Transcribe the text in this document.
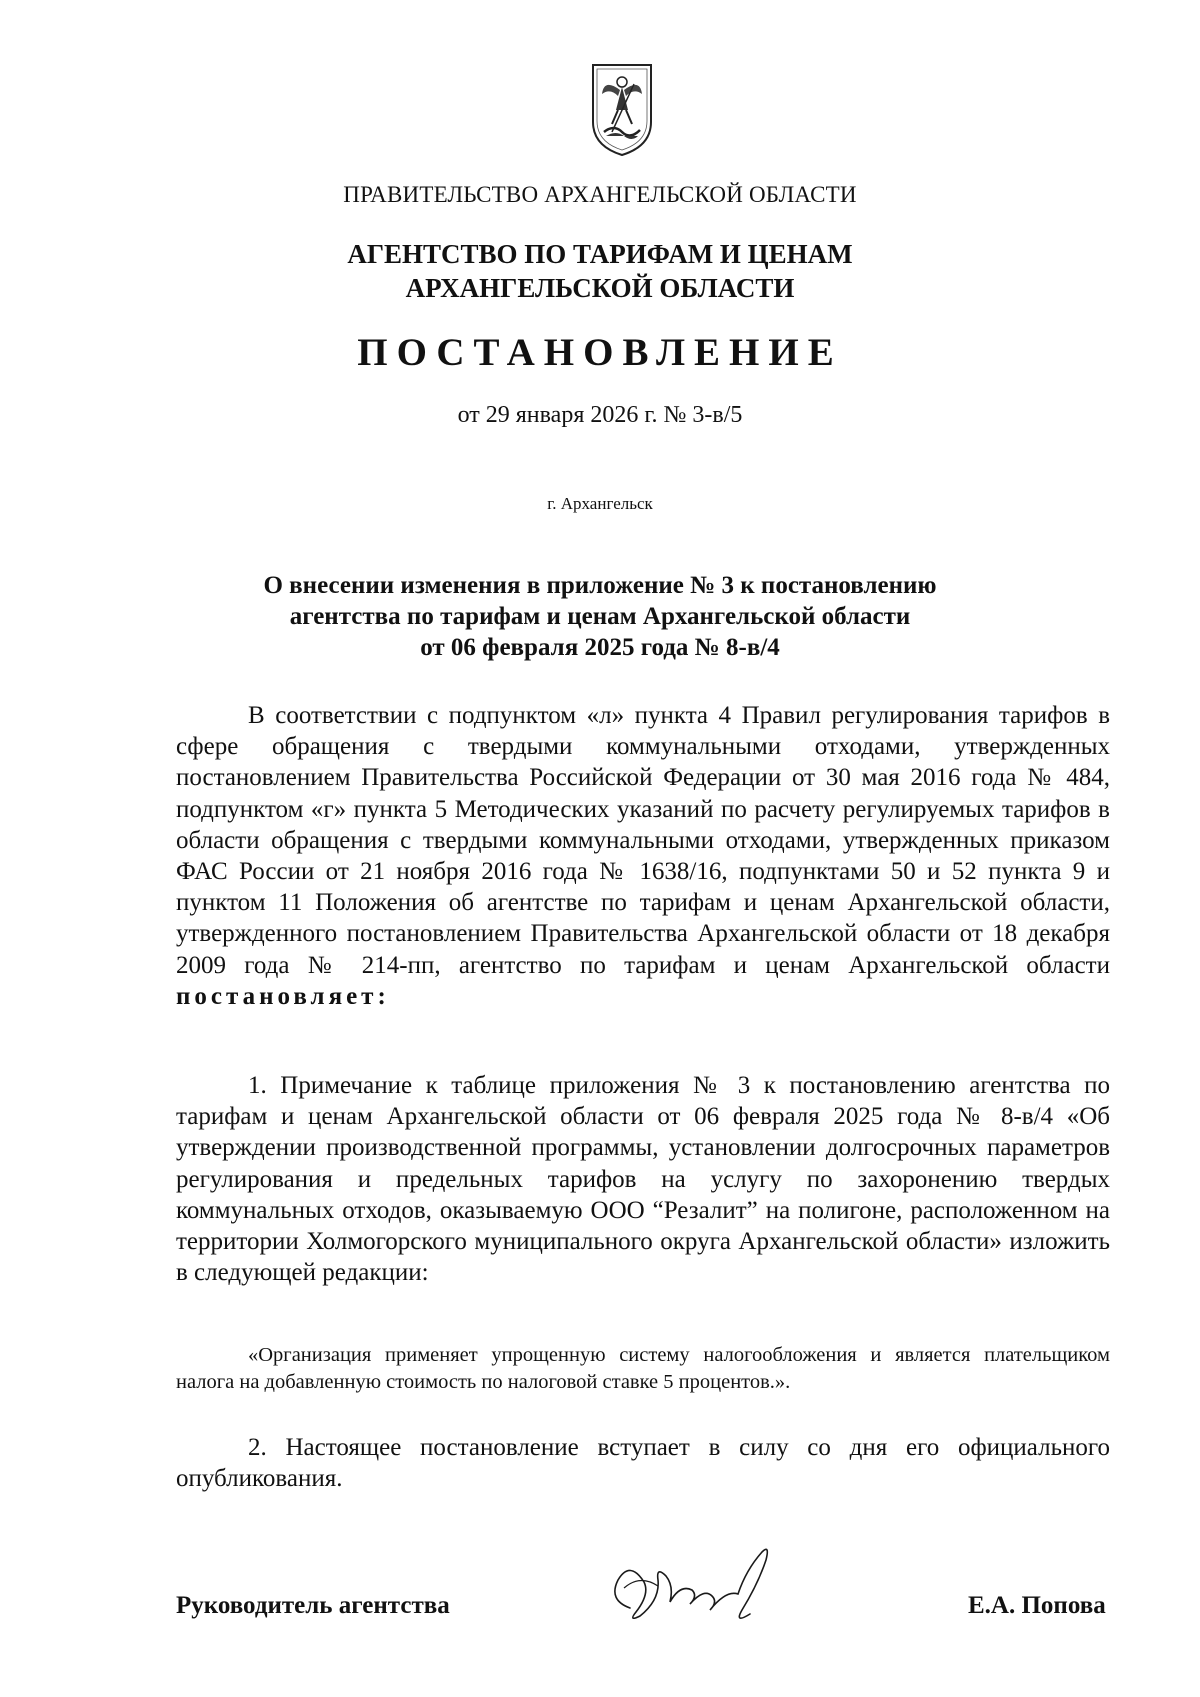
ПРАВИТЕЛЬСТВО АРХАНГЕЛЬСКОЙ ОБЛАСТИ
АГЕНТСТВО ПО ТАРИФАМ И ЦЕНАМ
АРХАНГЕЛЬСКОЙ ОБЛАСТИ
ПОСТАНОВЛЕНИЕ
от 29 января 2026 г. № 3-в/5
г. Архангельск
О внесении изменения в приложение № 3 к постановлению
агентства по тарифам и ценам Архангельской области
от 06 февраля 2025 года № 8-в/4
В соответствии с подпунктом «л» пункта 4 Правил регулирования тарифов в сфере обращения с твердыми коммунальными отходами, утвержденных постановлением Правительства Российской Федерации от 30 мая 2016 года № 484, подпунктом «г» пункта 5 Методических указаний по расчету регулируемых тарифов в области обращения с твердыми коммунальными отходами, утвержденных приказом ФАС России от 21 ноября 2016 года № 1638/16, подпунктами 50 и 52 пункта 9 и пунктом 11 Положения об агентстве по тарифам и ценам Архангельской области, утвержденного постановлением Правительства Архангельской области от 18 декабря 2009 года № 214-пп, агентство по тарифам и ценам Архангельской области постановляет:
1. Примечание к таблице приложения № 3 к постановлению агентства по тарифам и ценам Архангельской области от 06 февраля 2025 года № 8-в/4 «Об утверждении производственной программы, установлении долгосрочных параметров регулирования и предельных тарифов на услугу по захоронению твердых коммунальных отходов, оказываемую ООО “Резалит” на полигоне, расположенном на территории Холмогорского муниципального округа Архангельской области» изложить в следующей редакции:
«Организация применяет упрощенную систему налогообложения и является плательщиком налога на добавленную стоимость по налоговой ставке 5 процентов.».
2. Настоящее постановление вступает в силу со дня его официального опубликования.
Руководитель агентства	Е.А. Попова
